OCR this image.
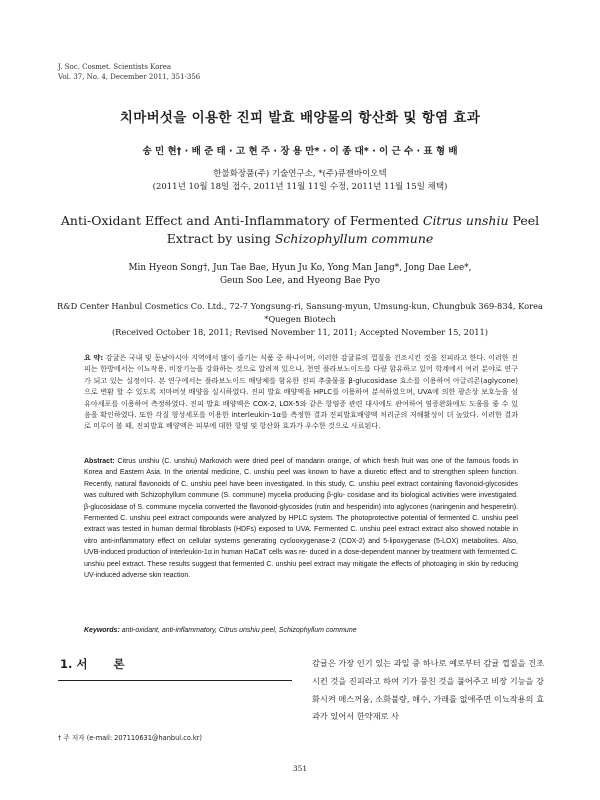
J. Soc. Cosmet. Scientists Korea
Vol. 37, No. 4, December 2011, 351-356
치마버섯을 이용한 진피 발효 배양물의 항산화 및 항염 효과
송 민 현† · 배 준 태 · 고 현 주 · 장 용 만* · 이 종 대* · 이 근 수 · 표 형 배
한불화장품(주) 기술연구소, *(주)큐젠바이오텍
(2011년 10월 18일 접수, 2011년 11월 11일 수정, 2011년 11월 15일 채택)
Anti-Oxidant Effect and Anti-Inflammatory of Fermented Citrus unshiu Peel Extract by using Schizophyllum commune
Min Hyeon Song†, Jun Tae Bae, Hyun Ju Ko, Yong Man Jang*, Jong Dae Lee*,
Geun Soo Lee, and Hyeong Bae Pyo
R&D Center Hanbul Cosmetics Co. Ltd., 72-7 Yongsung-ri, Sansung-myun, Umsung-kun, Chungbuk 369-834, Korea
*Quegen Biotech
(Received October 18, 2011; Revised November 11, 2011; Accepted November 15, 2011)
요 약: 감귤은 국내 및 동남아시아 지역에서 많이 즐기는 식품 중 하나이며, 이러한 감귤류의 껍질을 건조시킨 것을 진피라고 한다. 이러한 진피는 한방에서는 이뇨작용, 비장기능을 강화하는 것으로 알려져 있으나, 천연 플라보노이드를 다량 함유하고 있어 학계에서 여러 분야로 연구가 되고 있는 실정이다. 본 연구에서는 플라보노이드 배당체를 함유한 진피 추출물을 β-glucosidase 효소를 이용하여 아글리콘(aglycone)으로 변환 할 수 있도록 치마버섯 배양을 실시하였다. 진피 발효 배양액을 HPLC를 이용하여 분석하였으며, UVA에 의한 광손상 보호능을 섬유아세포를 이용하여 측정하였다. 진피 발효 배양액은 COX-2, LOX-5와 같은 항염증 관련 대사에도 관여하여 염증완화에도 도움을 줄 수 있음을 확인하였다. 또한 각질 형성세포를 이용한 interleukin-1α를 측정한 결과 진피발효배양액 처리군의 저해활성이 더 높았다. 이러한 결과로 미루어 볼 때, 진피발효 배양액은 피부에 대한 항염 및 항산화 효과가 우수한 것으로 사료된다.
Abstract: Citrus unshiu (C. unshiu) Markovich were dried peel of mandarin orange, of which fresh fruit was one of the famous foods in Korea and Eastern Asia. In the oriental medicine, C. unshiu peel was known to have a diuretic effect and to strengthen spleen function. Recently, natural flavonoids of C. unshiu peel have been investigated. In this study, C. unshiu peel extract containing flavonoid-glycosides was cultured with Schizophyllum commune (S. commune) mycelia producing β-glu- cosidase and its biological activities were investigated. β-glucosidase of S. commune mycelia converted the flavonoid-glycosides (rutin and hesperidin) into aglycones (naringenin and hesperetin). Fermented C. unshiu peel extract compounds were analyzed by HPLC system. The photoprotective potential of fermented C. unshiu peel extract was tested in human dermal fibroblasts (HDFs) exposed to UVA. Fermented C. unshiu peel extract extract also showed notable in vitro anti-inflammatory effect on cellular systems generating cyclooxygenase-2 (COX-2) and 5-lipoxygenase (5-LOX) metabolites. Also, UVB-induced production of interleukin-1α in human HaCaT cells was re- duced in a dose-dependent manner by treatment with fermented C. unshiu peel extract. These results suggest that fermented C. unshiu peel extract may mitigate the effects of photoaging in skin by reducing UV-induced adverse skin reaction.
Keywords: anti-oxidant, anti-inflammatory, Citrus unshiu peel, Schizophyllum commune
1. 서 론	감귤은 가장 인기 있는 과일 중 하나로 예로부터 감귤 껍질을 건조시킨 것을 진피라고 하여 기가 뭉친 것을 풀어주고 비장 기능을 강화시켜 메스꺼움, 소화불량, 해수, 가래를 없애주면 이뇨작용의 효과가 있어서 한약재로 사
† 주 저자 (e-mail: 207110631@hanbul.co.kr)
351
